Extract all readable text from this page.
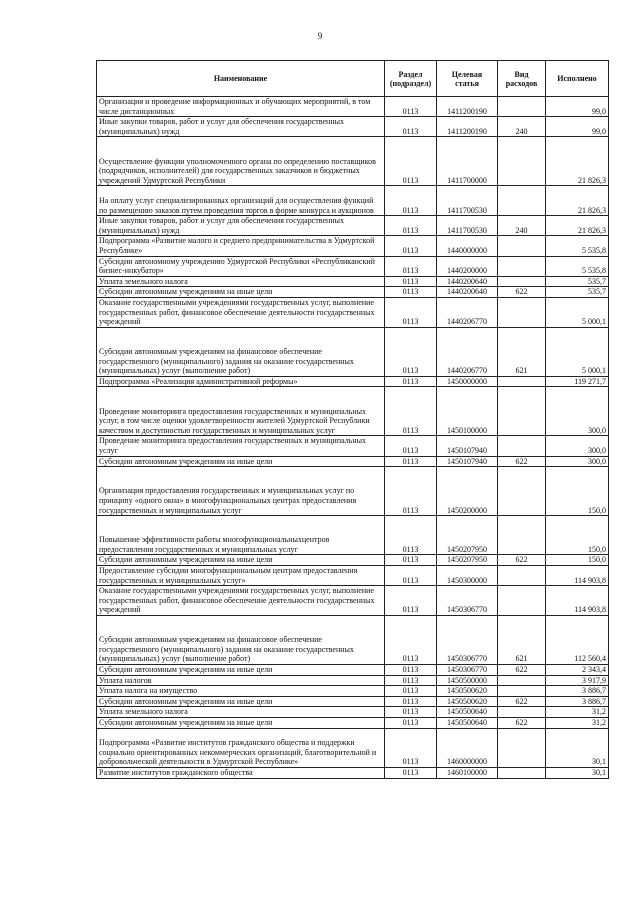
9
Наименование	Раздел (подраздел)	Целевая статья	Вид расходов	Исполнено
Организация и проведение информационных и обучающих мероприятий, в том числе дистанционных	0113	1411200190		99,0
Иные закупки товаров, работ и услуг для обеспечения государственных (муниципальных) нужд	0113	1411200190	240	99,0
Осуществление функции уполномоченного органа по определению поставщиков (подрядчиков, исполнителей) для государственных заказчиков и бюджетных учреждений Удмуртской Республики	0113	1411700000		21 826,3
На оплату услуг специализированных организаций для осуществления функций по размещению заказов путем проведения торгов в форме конкурса и аукционов	0113	1411700530		21 826,3
Иные закупки товаров, работ и услуг для обеспечения государственных (муниципальных) нужд	0113	1411700530	240	21 826,3
Подпрограмма «Развитие малого и среднего предпринимательства в Удмуртской Республике»	0113	1440000000		5 535,8
Субсидии автономному учреждению Удмуртской Республики «Республиканский бизнес-инкубатор»	0113	1440200000		5 535,8
Уплата земельного налога	0113	1440200640		535,7
Субсидии автономным учреждениям на иные цели	0113	1440200640	622	535,7
Оказание государственными учреждениями государственных услуг, выполнение государственных работ, финансовое обеспечение деятельности государственных учреждений	0113	1440206770		5 000,1
Субсидии автономным учреждениям на финансовое обеспечение государственного (муниципального) задания на оказание государственных (муниципальных) услуг (выполнение работ)	0113	1440206770	621	5 000,1
Подпрограмма «Реализация административной реформы»	0113	1450000000		119 271,7
Проведение мониторинга предоставления государственных и муниципальных услуг, в том числе оценки удовлетворенности жителей Удмуртской Республики качеством и доступностью государственных и муниципальных услуг	0113	1450100000		300,0
Проведение мониторинга предоставления государственных и муниципальных услуг	0113	1450107940		300,0
Субсидии автономным учреждениям на иные цели	0113	1450107940	622	300,0
Организация предоставления государственных и муниципальных услуг по принципу «одного окна» в многофункциональных центрах предоставления государственных и муниципальных услуг	0113	1450200000		150,0
Повышение эффективности работы многофункциональныхцентров предоставления государственных и муниципальных услуг	0113	1450207950		150,0
Субсидии автономным учреждениям на иные цели	0113	1450207950	622	150,0
Предоставление субсидии многофункциональным центрам предоставления государственных и муниципальных услуг»	0113	1450300000		114 903,8
Оказание государственными учреждениями государственных услуг, выполнение государственных работ, финансовое обеспечение деятельности государственных учреждений	0113	1450306770		114 903,8
Субсидии автономным учреждениям на финансовое обеспечение государственного (муниципального) задания на оказание государственных (муниципальных) услуг (выполнение работ)	0113	1450306770	621	112 560,4
Субсидии автономным учреждениям на иные цели	0113	1450306770	622	2 343,4
Уплата налогов	0113	1450500000		3 917,9
Уплата налога на имущество	0113	1450500620		3 886,7
Субсидии автономным учреждениям на иные цели	0113	1450500620	622	3 886,7
Уплата земельного налога	0113	1450500640		31,2
Субсидии автономным учреждениям на иные цели	0113	1450500640	622	31,2
Подпрограмма «Развитие институтов гражданского общества и поддержки социально ориентированных некоммерческих организаций, благотворительной и добровольческой деятельности в Удмуртской Республике»	0113	1460000000		30,1
Развитие институтов гражданского общества	0113	1460100000		30,1
